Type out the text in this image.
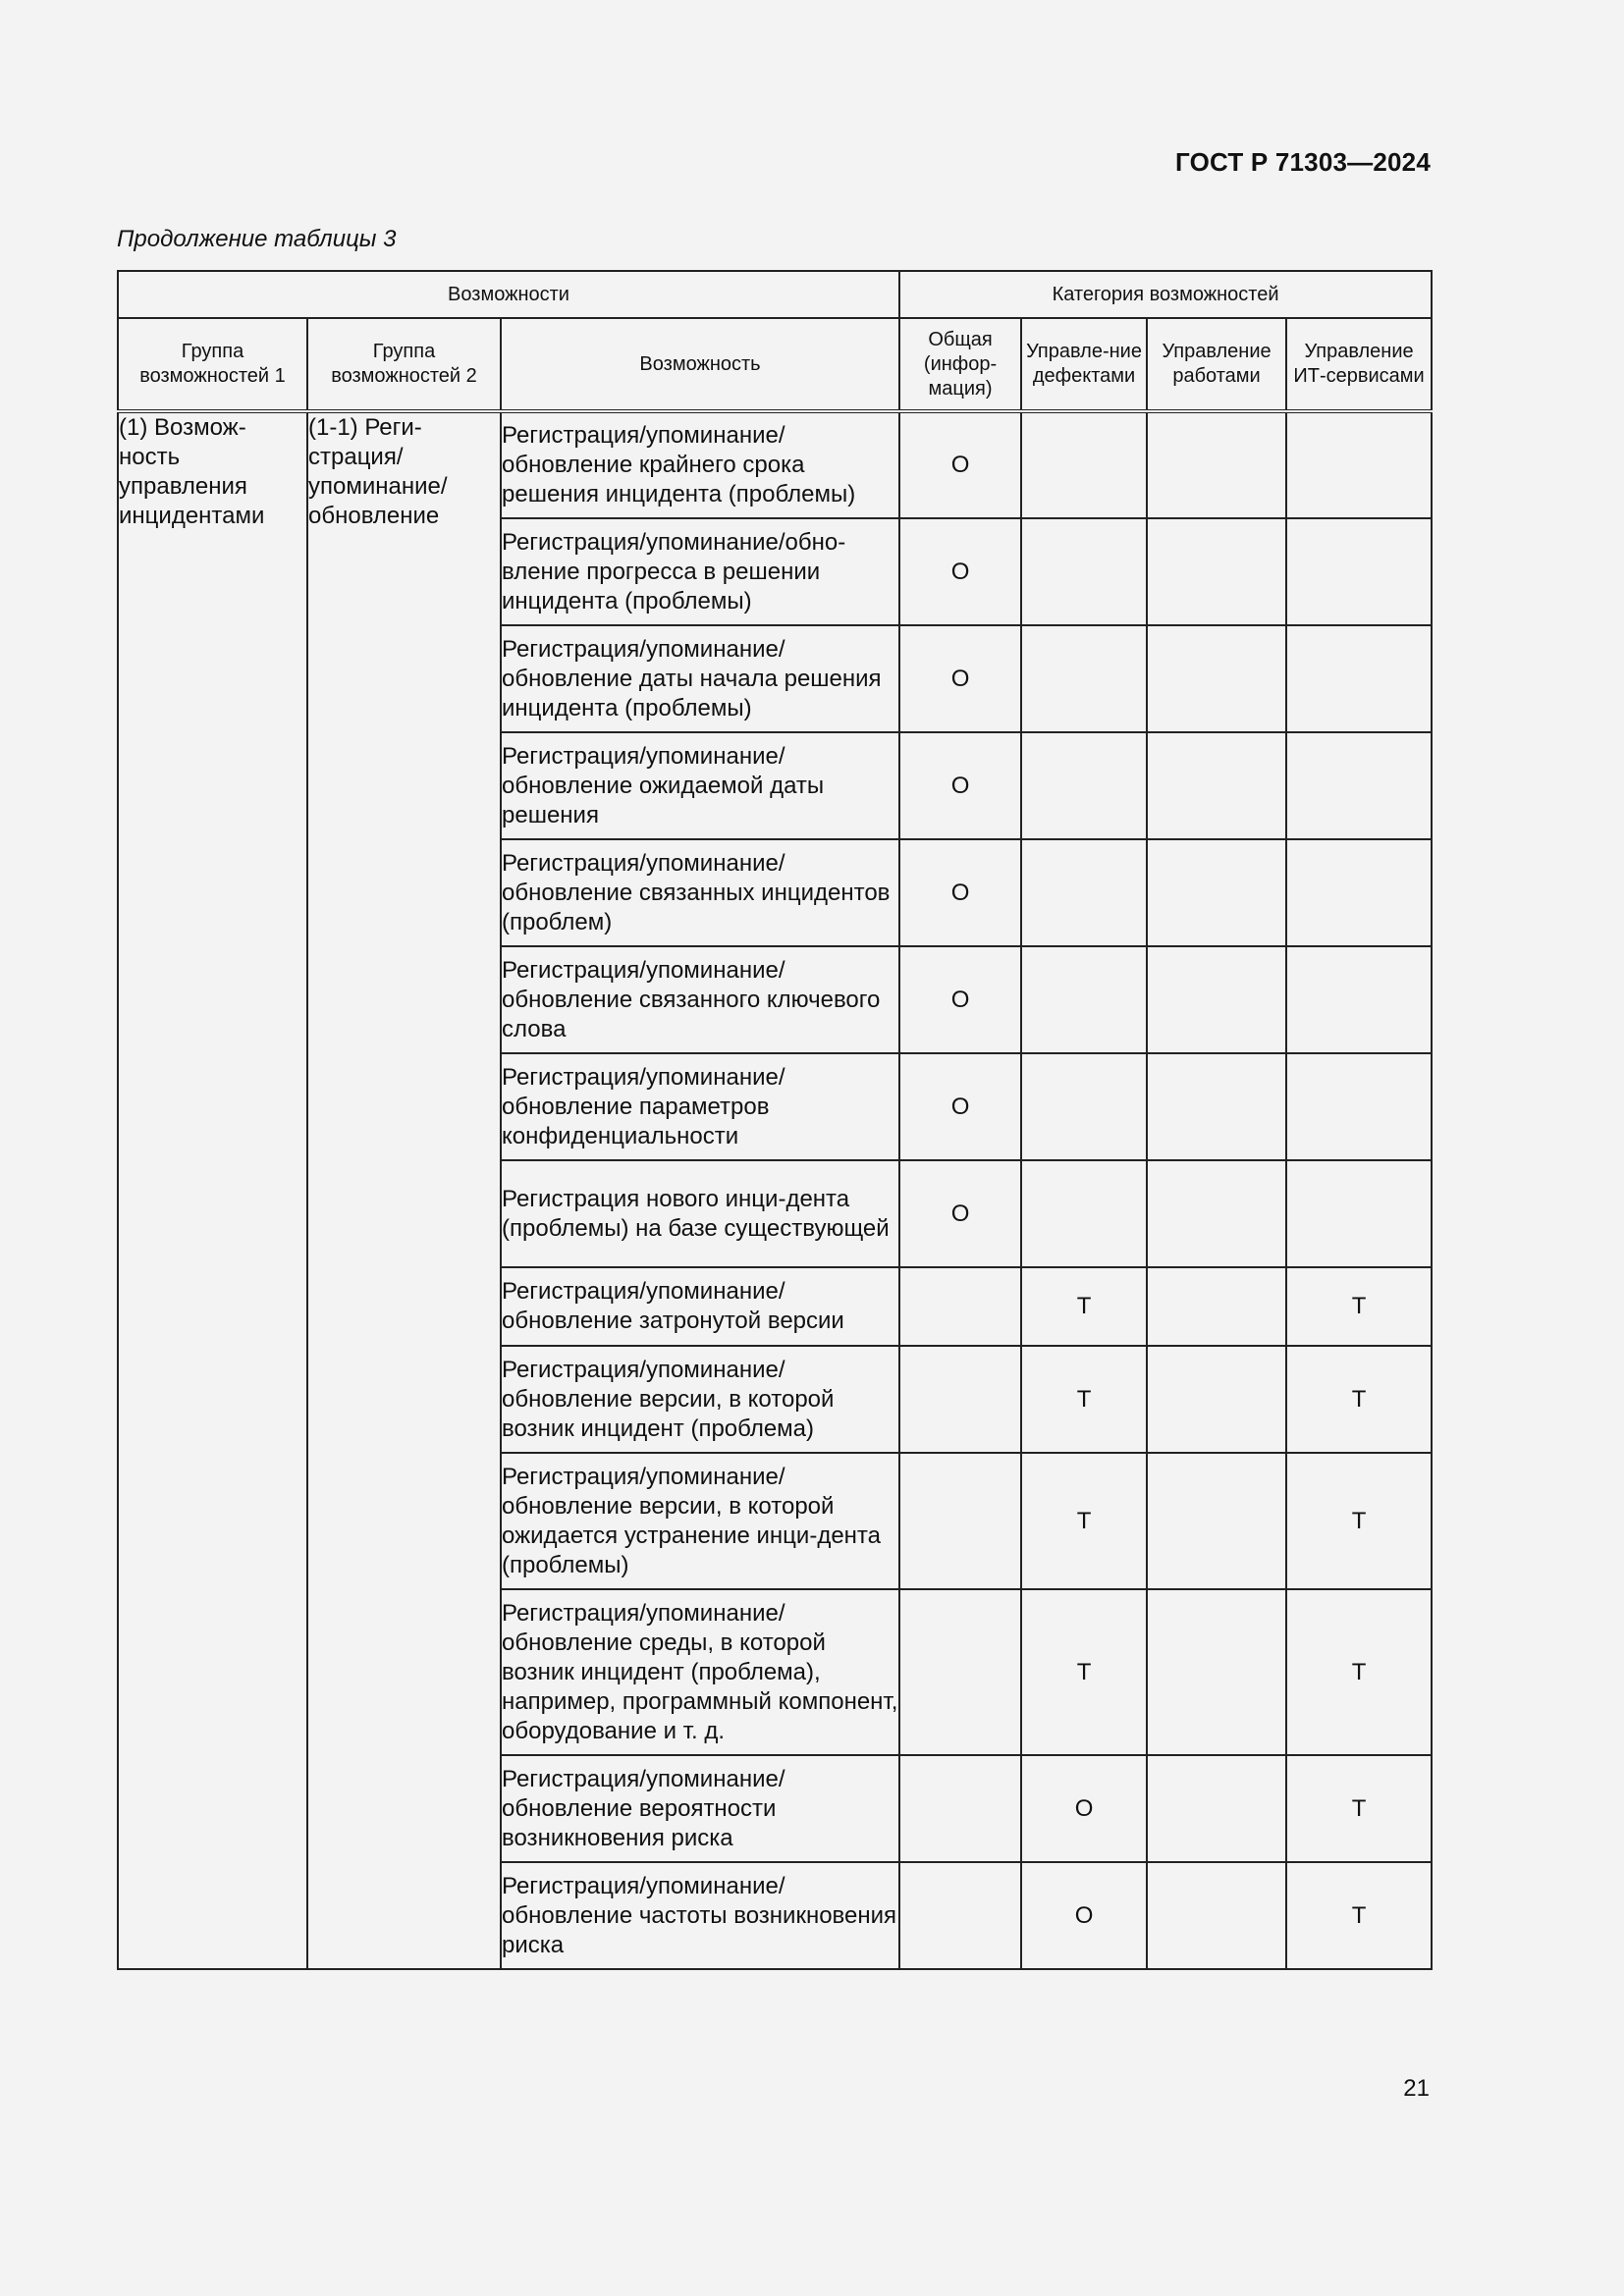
ГОСТ Р 71303—2024
Продолжение таблицы 3
Возможности			Категория возможностей			
Группа возможностей 1	Группа возможностей 2	Возможность	Общая (инфор-мация)	Управле-ние дефектами	Управление работами	Управление ИТ-сервисами
(1) Возмож-ность управления инцидентами	(1-1) Реги-страция/ упоминание/ обновление	Регистрация/упоминание/ обновление крайнего срока решения инцидента (проблемы)	О			
		Регистрация/упоминание/обно-вление прогресса в решении инцидента (проблемы)	О			
		Регистрация/упоминание/ обновление даты начала решения инцидента (проблемы)	О			
		Регистрация/упоминание/ обновление ожидаемой даты решения	О			
		Регистрация/упоминание/ обновление связанных инцидентов (проблем)	О			
		Регистрация/упоминание/ обновление связанного ключевого слова	О			
		Регистрация/упоминание/ обновление параметров конфиденциальности	О			
		Регистрация нового инци-дента (проблемы) на базе существующей	О			
		Регистрация/упоминание/ обновление затронутой версии		Т		Т
		Регистрация/упоминание/ обновление версии, в которой возник инцидент (проблема)		Т		Т
		Регистрация/упоминание/ обновление версии, в которой ожидается устранение инци-дента (проблемы)		Т		Т
		Регистрация/упоминание/ обновление среды, в которой возник инцидент (проблема), например, программный компонент, оборудование и т. д.		Т		Т
		Регистрация/упоминание/ обновление вероятности возникновения риска		О		Т
		Регистрация/упоминание/ обновление частоты возникновения риска		О		Т
21
